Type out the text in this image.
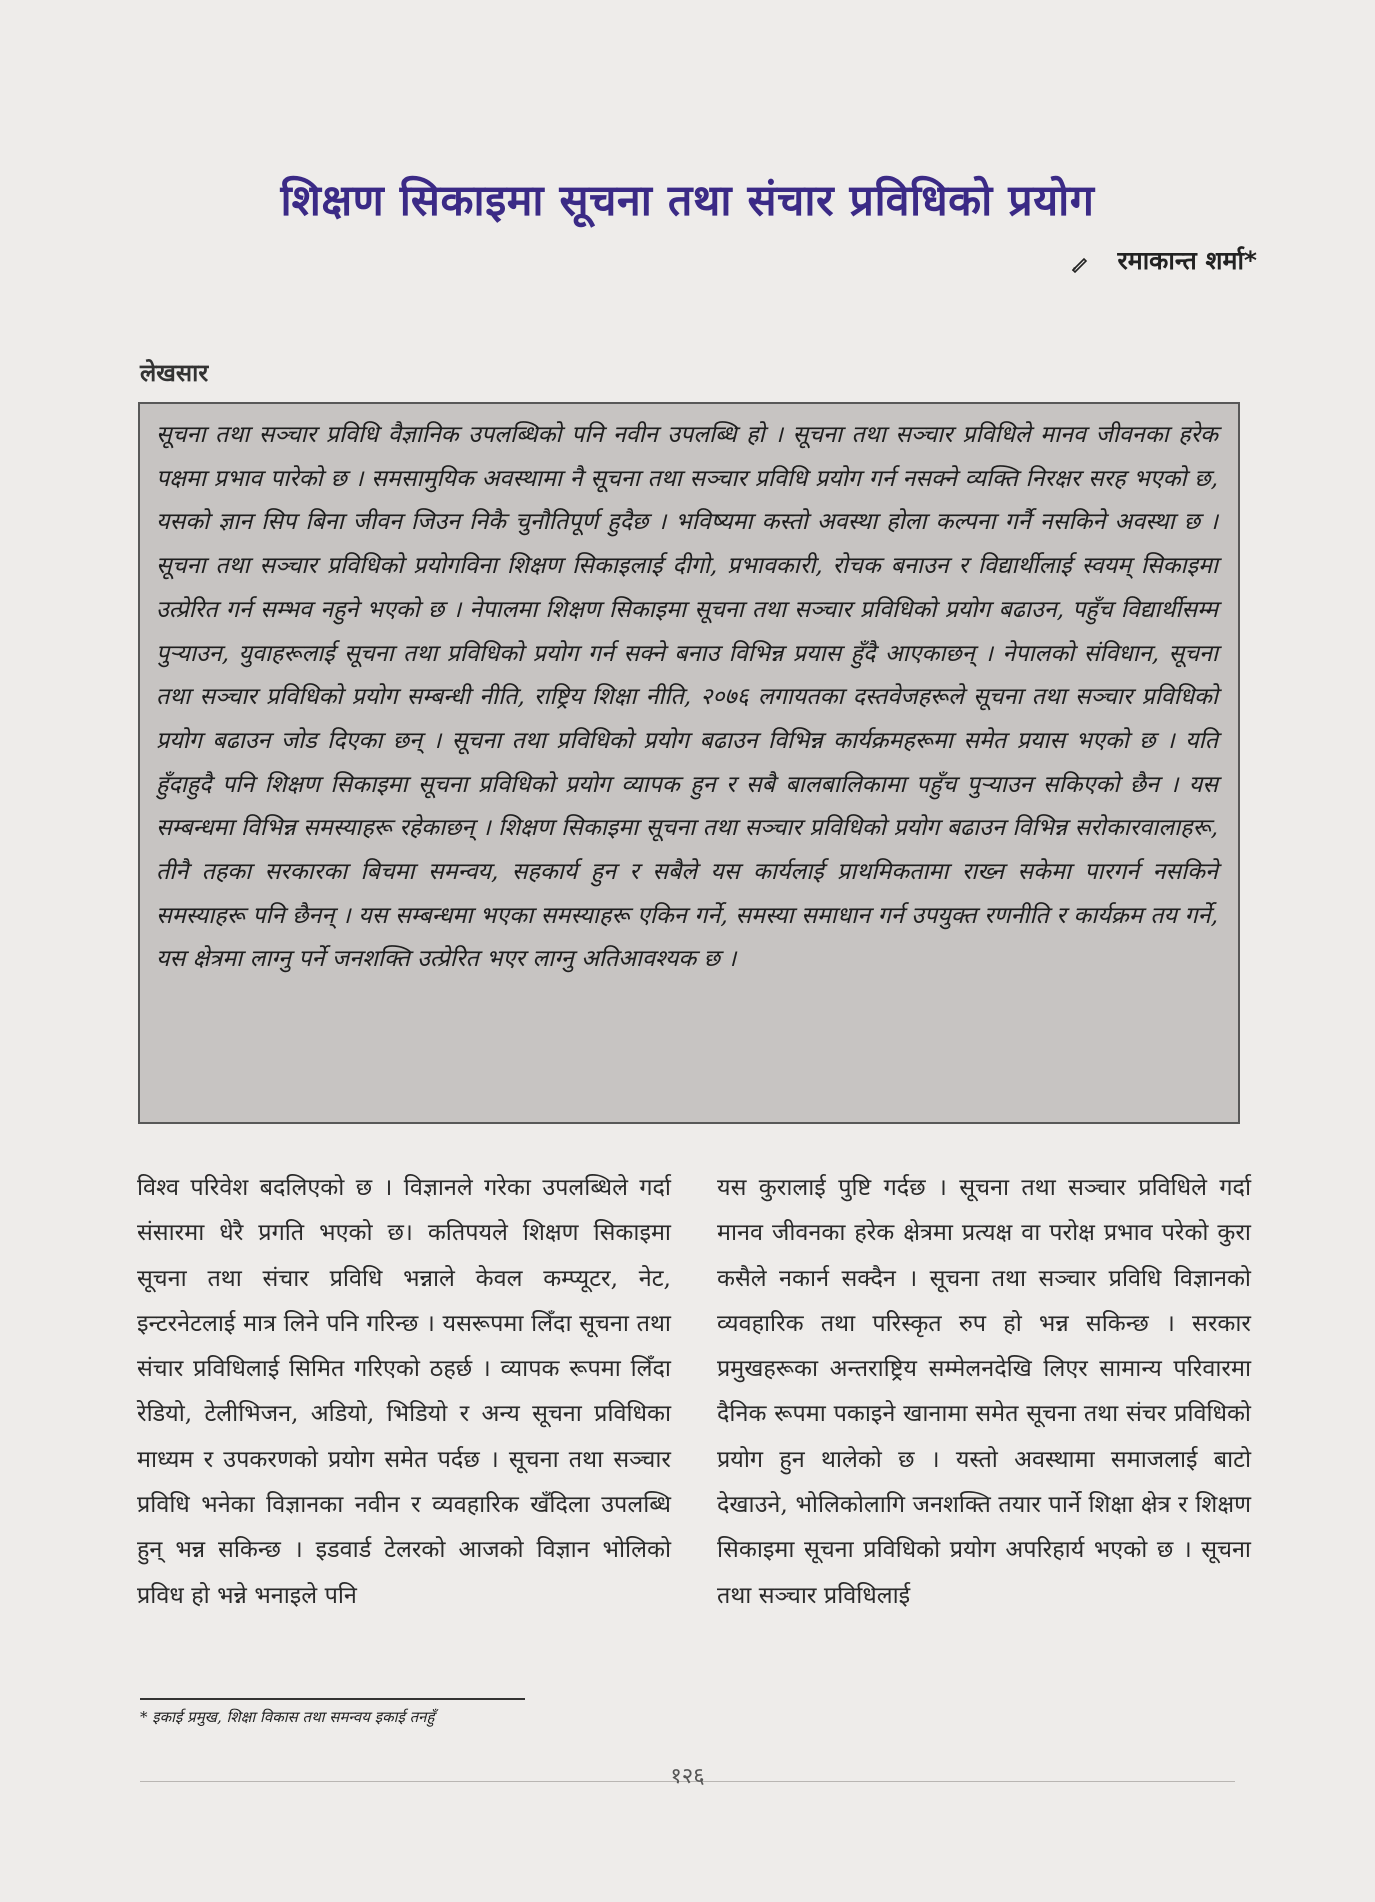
शिक्षण सिकाइमा सूचना तथा संचार प्रविधिको प्रयोग
रमाकान्त शर्मा*
लेखसार

सूचना तथा सञ्चार प्रविधि वैज्ञानिक उपलब्धिको पनि नवीन उपलब्धि हो । सूचना तथा सञ्चार प्रविधिले मानव जीवनका हरेक पक्षमा प्रभाव पारेको छ । समसामुयिक अवस्थामा नै सूचना तथा सञ्चार प्रविधि प्रयोग गर्न नसक्ने व्यक्ति निरक्षर सरह भएको छ, यसको ज्ञान सिप बिना जीवन जिउन निकै चुनौतिपूर्ण हुदैछ । भविष्यमा कस्तो अवस्था होला कल्पना गर्नै नसकिने अवस्था छ । सूचना तथा सञ्चार प्रविधिको प्रयोगविना शिक्षण सिकाइलाई दीगो, प्रभावकारी, रोचक बनाउन र विद्यार्थीलाई स्वयम् सिकाइमा उत्प्रेरित गर्न सम्भव नहुने भएको छ । नेपालमा शिक्षण सिकाइमा सूचना तथा सञ्चार प्रविधिको प्रयोग बढाउन, पहुँच विद्यार्थीसम्म पुऱ्याउन, युवाहरूलाई सूचना तथा प्रविधिको प्रयोग गर्न सक्ने बनाउ विभिन्न प्रयास हुँदै आएकाछन् । नेपालको संविधान, सूचना तथा सञ्चार प्रविधिको प्रयोग सम्बन्धी नीति, राष्ट्रिय शिक्षा नीति, २०७६ लगायतका दस्तवेजहरूले सूचना तथा सञ्चार प्रविधिको प्रयोग बढाउन जोड दिएका छन् । सूचना तथा प्रविधिको प्रयोग बढाउन विभिन्न कार्यक्रमहरूमा समेत प्रयास भएको छ । यति हुँदाहुदै पनि शिक्षण सिकाइमा सूचना प्रविधिको प्रयोग व्यापक हुन र सबै बालबालिकामा पहुँच पुऱ्याउन सकिएको छैन । यस सम्बन्धमा विभिन्न समस्याहरू रहेकाछन् । शिक्षण सिकाइमा सूचना तथा सञ्चार प्रविधिको प्रयोग बढाउन विभिन्न सरोकारवालाहरू, तीनै तहका सरकारका बिचमा समन्वय, सहकार्य हुन र सबैले यस कार्यलाई प्राथमिकतामा राख्न सकेमा पारगर्न नसकिने समस्याहरू पनि छैनन् । यस सम्बन्धमा भएका समस्याहरू एकिन गर्ने, समस्या समाधान गर्न उपयुक्त रणनीति र कार्यक्रम तय गर्ने, यस क्षेत्रमा लाग्नु पर्ने जनशक्ति उत्प्रेरित भएर लाग्नु अतिआवश्यक छ ।

विश्व परिवेश बदलिएको छ । विज्ञानले गरेका उपलब्धिले गर्दा संसारमा धेरै प्रगति भएको छ। कतिपयले शिक्षण सिकाइमा सूचना तथा संचार प्रविधि भन्नाले केवल कम्प्यूटर, नेट, इन्टरनेटलाई मात्र लिने पनि गरिन्छ । यसरूपमा लिँदा सूचना तथा संचार प्रविधिलाई सिमित गरिएको ठहर्छ । व्यापक रूपमा लिँदा रेडियो, टेलीभिजन, अडियो, भिडियो र अन्य सूचना प्रविधिका माध्यम र उपकरणको प्रयोग समेत पर्दछ । सूचना तथा सञ्चार प्रविधि भनेका विज्ञानका नवीन र व्यवहारिक खँदिला उपलब्धि हुन् भन्न सकिन्छ । इडवार्ड टेलरको आजको विज्ञान भोलिको प्रविध हो भन्ने भनाइले पनि

यस कुरालाई पुष्टि गर्दछ । सूचना तथा सञ्चार प्रविधिले गर्दा मानव जीवनका हरेक क्षेत्रमा प्रत्यक्ष वा परोक्ष प्रभाव परेको कुरा कसैले नकार्न सक्दैन । सूचना तथा सञ्चार प्रविधि विज्ञानको व्यवहारिक तथा परिस्कृत रुप हो भन्न सकिन्छ । सरकार प्रमुखहरूका अन्तराष्ट्रिय सम्मेलनदेखि लिएर सामान्य परिवारमा दैनिक रूपमा पकाइने खानामा समेत सूचना तथा संचर प्रविधिको प्रयोग हुन थालेको छ । यस्तो अवस्थामा समाजलाई बाटो देखाउने, भोलिकोलागि जनशक्ति तयार पार्ने शिक्षा क्षेत्र र शिक्षण सिकाइमा सूचना प्रविधिको प्रयोग अपरिहार्य भएको छ । सूचना तथा सञ्चार प्रविधिलाई

* इकाई प्रमुख, शिक्षा विकास तथा समन्वय इकाई तनहुँ
१२६
